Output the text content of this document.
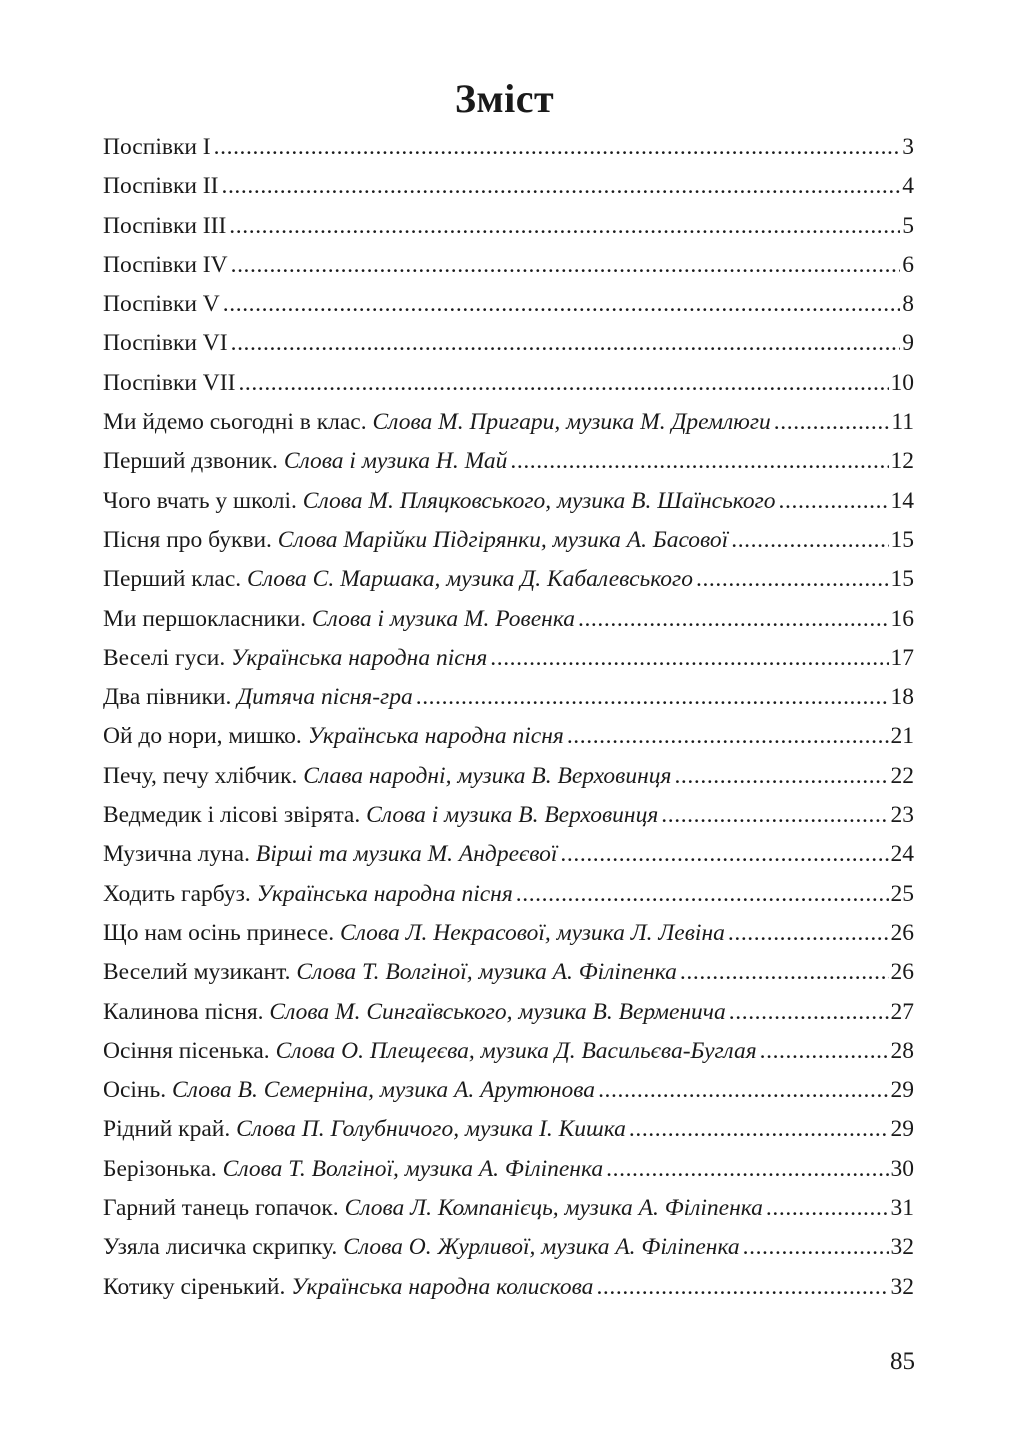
Зміст
Поспівки I .....	3
Поспівки II .....	4
Поспівки III .....	5
Поспівки IV .....	6
Поспівки V .....	8
Поспівки VI .....	9
Поспівки VII .....	10
Ми йдемо сьогодні в клас. Слова М. Пригари, музика М. Дремлюги .....	11
Перший дзвоник. Слова і музика Н. Май .....	12
Чого вчать у школі. Слова М. Пляцковського, музика В. Шаїнського .....	14
Пісня про букви. Слова Марійки Підгірянки, музика А. Басової .....	15
Перший клас. Слова С. Маршака, музика Д. Кабалевського .....	15
Ми першокласники. Слова і музика М. Ровенка .....	16
Веселі гуси. Українська народна пісня .....	17
Два півники. Дитяча пісня-гра .....	18
Ой до нори, мишко. Українська народна пісня .....	21
Печу, печу хлібчик. Слава народні, музика В. Верховинця .....	22
Ведмедик і лісові звірята. Слова і музика В. Верховинця .....	23
Музична луна. Вірші та музика М. Андреєвої .....	24
Ходить гарбуз. Українська народна пісня .....	25
Що нам осінь принесе. Слова Л. Некрасової, музика Л. Левіна .....	26
Веселий музикант. Слова Т. Волгіної, музика А. Філіпенка .....	26
Калинова пісня. Слова М. Сингаївського, музика В. Верменича .....	27
Осіння пісенька. Слова О. Плещеєва, музика Д. Васильєва-Буглая .....	28
Осінь. Слова В. Семерніна, музика А. Арутюнова .....	29
Рідний край. Слова П. Голубничого, музика І. Кишка .....	29
Берізонька. Слова Т. Волгіної, музика А. Філіпенка .....	30
Гарний танець гопачок. Слова Л. Компанієць, музика А. Філіпенка .....	31
Узяла лисичка скрипку. Слова О. Журливої, музика А. Філіпенка .....	32
Котику сіренький. Українська народна колискова .....	32
85
